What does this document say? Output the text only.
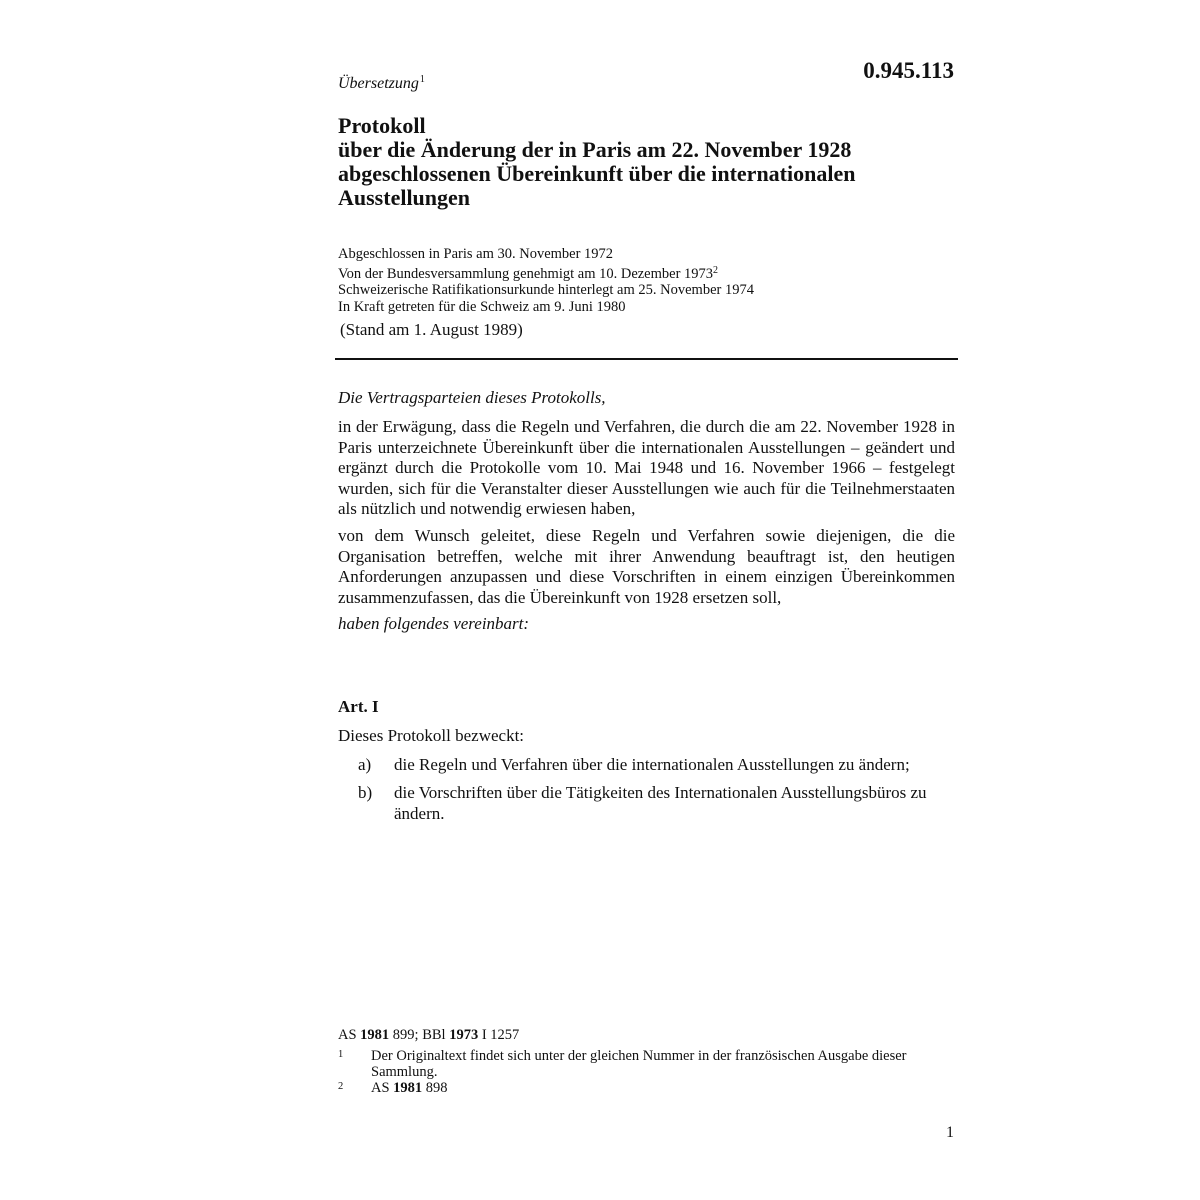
0.945.113
Übersetzung$^1$
Protokoll
über die Änderung der in Paris am 22. November 1928
abgeschlossenen Übereinkunft über die internationalen
Ausstellungen
Abgeschlossen in Paris am 30. November 1972
Von der Bundesversammlung genehmigt am 10. Dezember 1973$^2$
Schweizerische Ratifikationsurkunde hinterlegt am 25. November 1974
In Kraft getreten für die Schweiz am 9. Juni 1980
(Stand am 1. August 1989)
Die Vertragsparteien dieses Protokolls,
in der Erwägung, dass die Regeln und Verfahren, die durch die am 22. November 1928 in Paris unterzeichnete Übereinkunft über die internationalen Ausstellungen – geändert und ergänzt durch die Protokolle vom 10. Mai 1948 und 16. November 1966 – festgelegt wurden, sich für die Veranstalter dieser Ausstellungen wie auch für die Teilnehmerstaaten als nützlich und notwendig erwiesen haben,
von dem Wunsch geleitet, diese Regeln und Verfahren sowie diejenigen, die die Organisation betreffen, welche mit ihrer Anwendung beauftragt ist, den heutigen Anforderungen anzupassen und diese Vorschriften in einem einzigen Übereinkommen zusammenzufassen, das die Übereinkunft von 1928 ersetzen soll,
haben folgendes vereinbart:
Art. I
Dieses Protokoll bezweckt:
a)	die Regeln und Verfahren über die internationalen Ausstellungen zu ändern;
b)	die Vorschriften über die Tätigkeiten des Internationalen Ausstellungsbüros zu ändern.
AS 1981 899; BBl 1973 I 1257
1 Der Originaltext findet sich unter der gleichen Nummer in der französischen Ausgabe dieser Sammlung.
2 AS 1981 898
1
